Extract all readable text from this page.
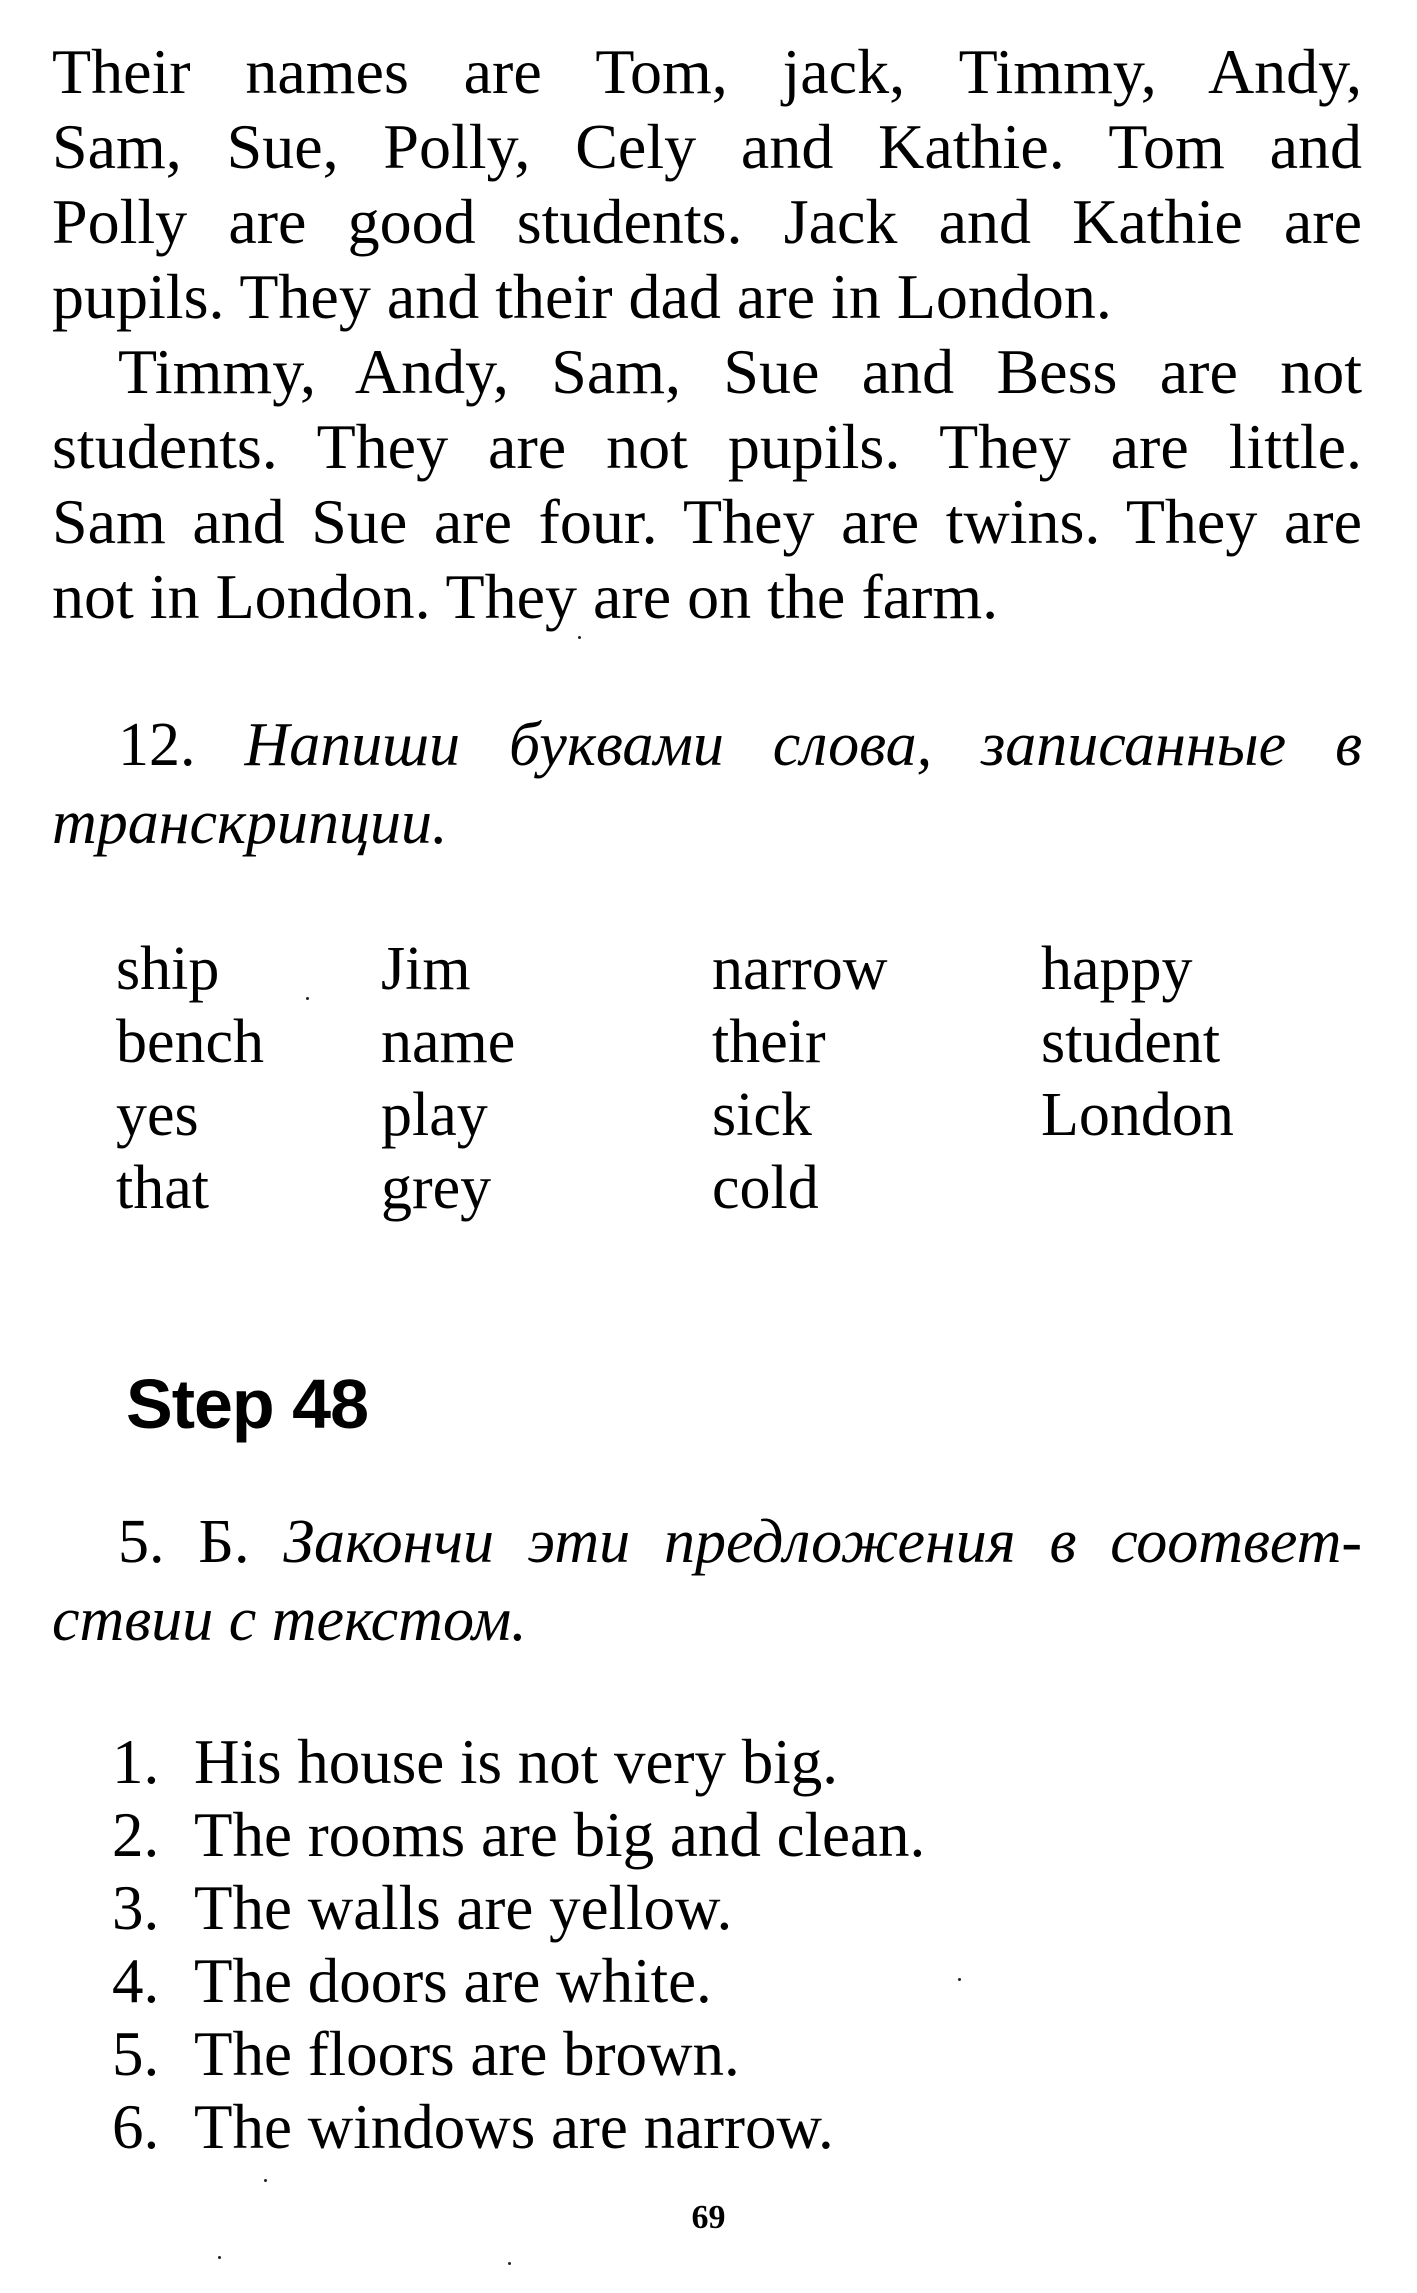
Their names are Tom, jack, Timmy, Andy,
Sam, Sue, Polly, Cely and Kathie. Tom and
Polly are good students. Jack and Kathie are
pupils. They and their dad are in London.

Timmy, Andy, Sam, Sue and Bess are not
students. They are not pupils. They are little.
Sam and Sue are four. They are twins. They are
not in London. They are on the farm.

12. Напиши буквами слова, записанные в
транскрипции.

ship
bench
yes
that
Jim
name
play
grey
narrow
their
sick
cold
happy
student
London
Step 48

5. Б. Закончи эти предложения в соответ-
ствии с текстом.

1. His house is not very big.
2. The rooms are big and clean.
3. The walls are yellow.
4. The doors are white.
5. The floors are brown.
6. The windows are narrow.
69
